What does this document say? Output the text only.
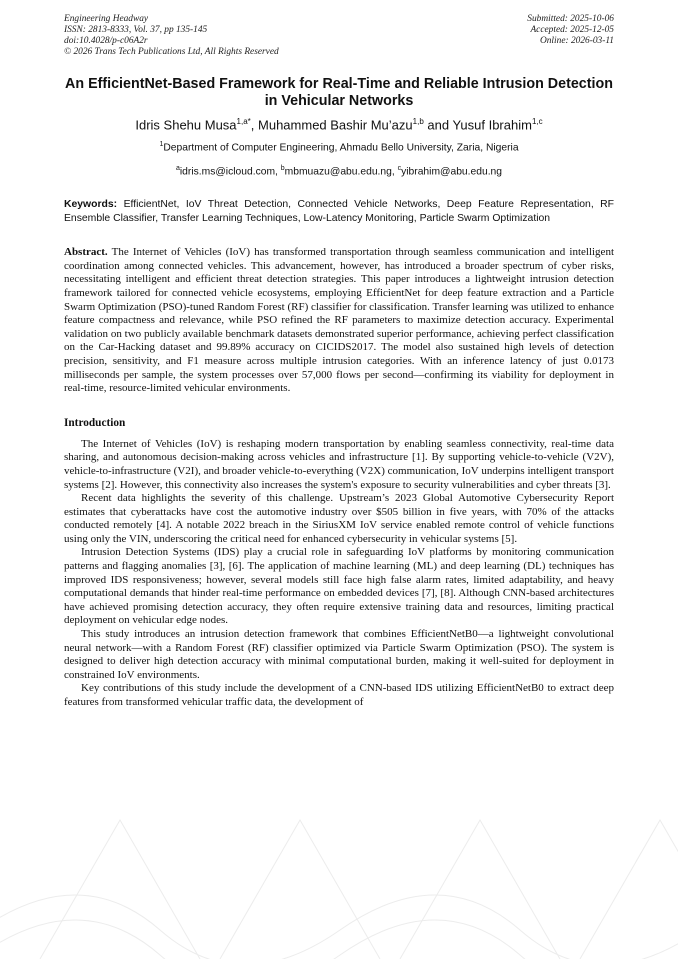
Engineering Headway
ISSN: 2813-8333, Vol. 37, pp 135-145
doi:10.4028/p-c06A2r
© 2026 Trans Tech Publications Ltd, All Rights Reserved
Submitted: 2025-10-06
Accepted: 2025-12-05
Online: 2026-03-11
An EfficientNet-Based Framework for Real-Time and Reliable Intrusion Detection in Vehicular Networks
Idris Shehu Musa$^{1,a*}$, Muhammed Bashir Mu’azu$^{1,b}$ and Yusuf Ibrahim$^{1,c}$
$^1$Department of Computer Engineering, Ahmadu Bello University, Zaria, Nigeria
$^a$idris.ms@icloud.com, $^b$mbmuazu@abu.edu.ng, $^c$yibrahim@abu.edu.ng
Keywords: EfficientNet, IoV Threat Detection, Connected Vehicle Networks, Deep Feature Representation, RF Ensemble Classifier, Transfer Learning Techniques, Low-Latency Monitoring, Particle Swarm Optimization
Abstract. The Internet of Vehicles (IoV) has transformed transportation through seamless communication and intelligent coordination among connected vehicles. This advancement, however, has introduced a broader spectrum of cyber risks, necessitating intelligent and efficient threat detection strategies. This paper introduces a lightweight intrusion detection framework tailored for connected vehicle ecosystems, employing EfficientNet for deep feature extraction and a Particle Swarm Optimization (PSO)-tuned Random Forest (RF) classifier for classification. Transfer learning was utilized to enhance feature compactness and relevance, while PSO refined the RF parameters to maximize detection accuracy. Experimental validation on two publicly available benchmark datasets demonstrated superior performance, achieving perfect classification on the Car-Hacking dataset and 99.89% accuracy on CICIDS2017. The model also sustained high levels of detection precision, sensitivity, and F1 measure across multiple intrusion categories. With an inference latency of just 0.0173 milliseconds per sample, the system processes over 57,000 flows per second—confirming its viability for deployment in real-time, resource-limited vehicular environments.
Introduction

The Internet of Vehicles (IoV) is reshaping modern transportation by enabling seamless connectivity, real-time data sharing, and autonomous decision-making across vehicles and infrastructure [1]. By supporting vehicle-to-vehicle (V2V), vehicle-to-infrastructure (V2I), and broader vehicle-to-everything (V2X) communication, IoV underpins intelligent transport systems [2]. However, this connectivity also increases the system's exposure to security vulnerabilities and cyber threats [3].

Recent data highlights the severity of this challenge. Upstream’s 2023 Global Automotive Cybersecurity Report estimates that cyberattacks have cost the automotive industry over $505 billion in five years, with 70% of the attacks conducted remotely [4]. A notable 2022 breach in the SiriusXM IoV service enabled remote control of vehicle functions using only the VIN, underscoring the critical need for enhanced cybersecurity in vehicular systems [5].

Intrusion Detection Systems (IDS) play a crucial role in safeguarding IoV platforms by monitoring communication patterns and flagging anomalies [3], [6]. The application of machine learning (ML) and deep learning (DL) techniques has improved IDS responsiveness; however, several models still face high false alarm rates, limited adaptability, and heavy computational demands that hinder real-time performance on embedded devices [7], [8]. Although CNN-based architectures have achieved promising detection accuracy, they often require extensive training data and resources, limiting practical deployment on vehicular edge nodes.

This study introduces an intrusion detection framework that combines EfficientNetB0—a lightweight convolutional neural network—with a Random Forest (RF) classifier optimized via Particle Swarm Optimization (PSO). The system is designed to deliver high detection accuracy with minimal computational burden, making it well-suited for deployment in constrained IoV environments.

Key contributions of this study include the development of a CNN-based IDS utilizing EfficientNetB0 to extract deep features from transformed vehicular traffic data, the development of
